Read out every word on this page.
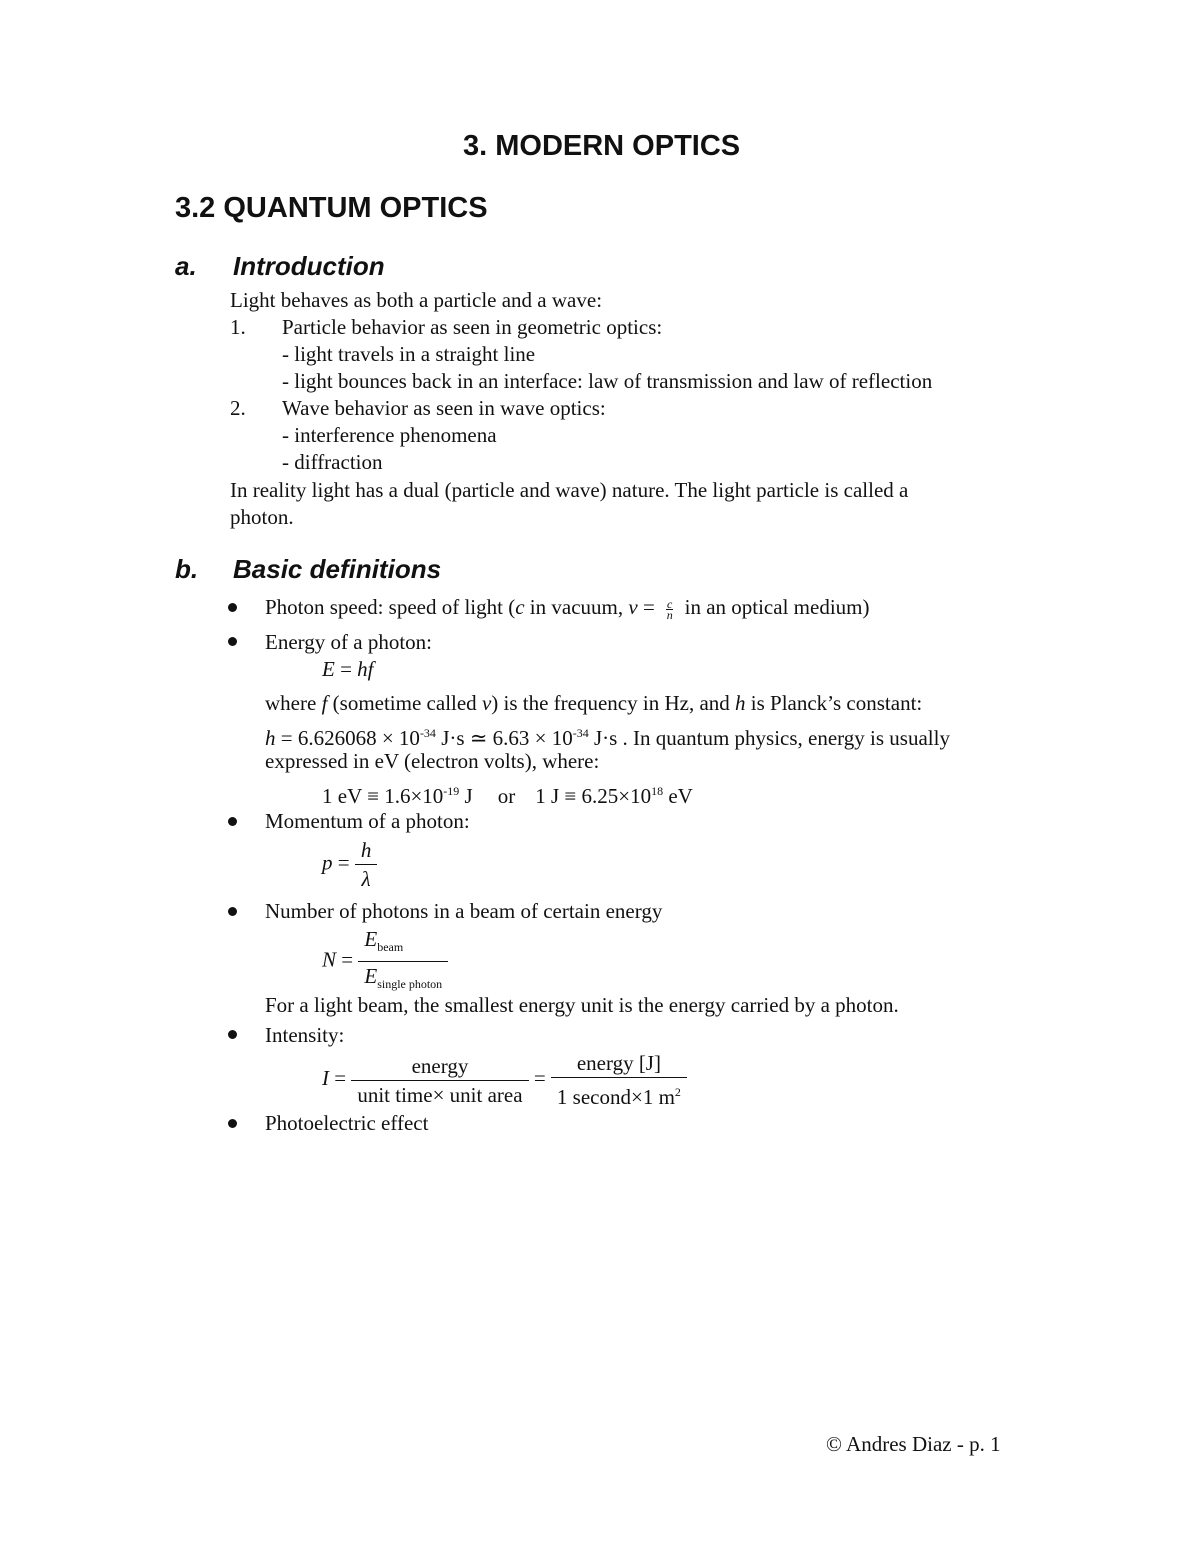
3. MODERN OPTICS
3.2 QUANTUM OPTICS
a. Introduction
Light behaves as both a particle and a wave:
1. Particle behavior as seen in geometric optics:
- light travels in a straight line
- light bounces back in an interface: law of transmission and law of reflection
2. Wave behavior as seen in wave optics:
- interference phenomena
- diffraction
In reality light has a dual (particle and wave) nature. The light particle is called a
photon.
b. Basic definitions
Photon speed: speed of light (c in vacuum, $v = \frac{c}{n}$ in an optical medium)
Energy of a photon:
E = hf
where f (sometime called ν) is the frequency in Hz, and h is Planck’s constant:
$h = 6.626068 \times 10^{-34}$ J·s ≃ $6.63 \times 10^{-34}$ J·s . In quantum physics, energy is usually
expressed in eV (electron volts), where:
1 eV ≡ $1.6\times 10^{-19}$ J or 1 $J \equiv 6.25\times 10^{18}$ eV
Momentum of a photon:
$p = \frac{h}{\lambda}$
Number of photons in a beam of certain energy
$N = \frac{E_{beam}}{E_{single photon}}$
For a light beam, the smallest energy unit is the energy carried by a photon.
Intensity:
$I = \frac{\text{energy}}{\text{unit time× unit area}} = \frac{\text{energy [J]}}{1 second\times 1 m^2}$
Photoelectric effect
© Andres Diaz - p. 1
